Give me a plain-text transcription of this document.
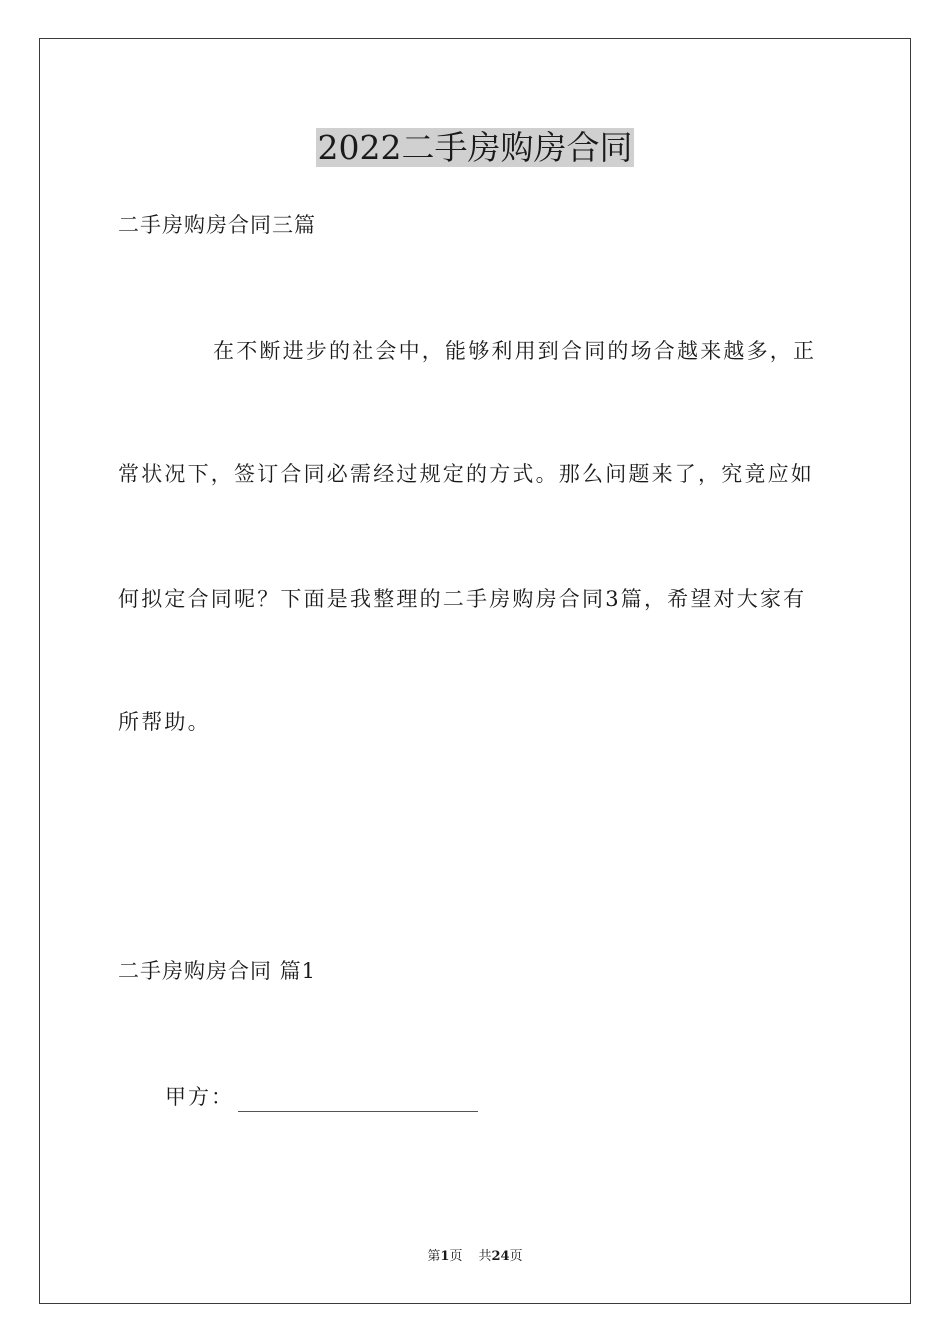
2022二手房购房合同
二手房购房合同三篇
在不断进步的社会中，能够利用到合同的场合越来越多，正
常状况下，签订合同必需经过规定的方式。那么问题来了，究竟应如
何拟定合同呢？下面是我整理的二手房购房合同3篇，希望对大家有
所帮助。
二手房购房合同 篇1
甲方：
第1页 共24页
